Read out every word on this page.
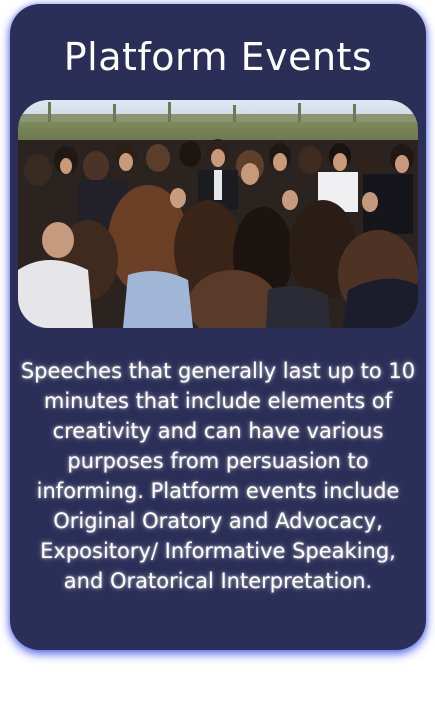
Platform Events
Speeches that generally last up to 10 minutes that include elements of creativity and can have various purposes from persuasion to informing. Platform events include Original Oratory and Advocacy, Expository/ Informative Speaking, and Oratorical Interpretation.
